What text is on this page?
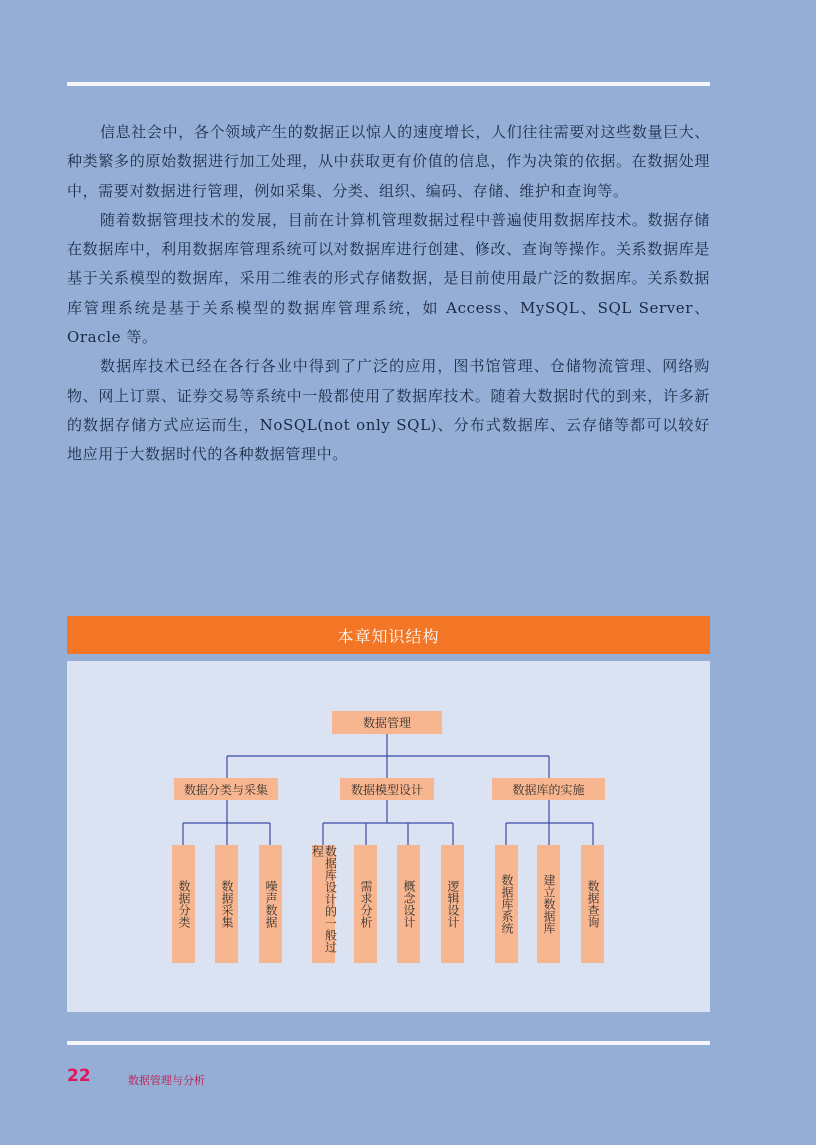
信息社会中，各个领域产生的数据正以惊人的速度增长，人们往往需要对这些数量巨大、种类繁多的原始数据进行加工处理，从中获取更有价值的信息，作为决策的依据。在数据处理中，需要对数据进行管理，例如采集、分类、组织、编码、存储、维护和查询等。

随着数据管理技术的发展，目前在计算机管理数据过程中普遍使用数据库技术。数据存储在数据库中，利用数据库管理系统可以对数据库进行创建、修改、查询等操作。关系数据库是基于关系模型的数据库，采用二维表的形式存储数据，是目前使用最广泛的数据库。关系数据库管理系统是基于关系模型的数据库管理系统，如 Access、MySQL、SQL Server、Oracle 等。

数据库技术已经在各行各业中得到了广泛的应用，图书馆管理、仓储物流管理、网络购物、网上订票、证券交易等系统中一般都使用了数据库技术。随着大数据时代的到来，许多新的数据存储方式应运而生，NoSQL(not only SQL)、分布式数据库、云存储等都可以较好地应用于大数据时代的各种数据管理中。

本章知识结构
数据管理
数据分类与采集	数据模型设计	数据库的实施
数据分类 数据采集	噪声数据	数据库设计的一般过程
需求分析 概念设计	逻辑设计	数据库系统 建立数据库	数据查询
22	数据管理与分析
